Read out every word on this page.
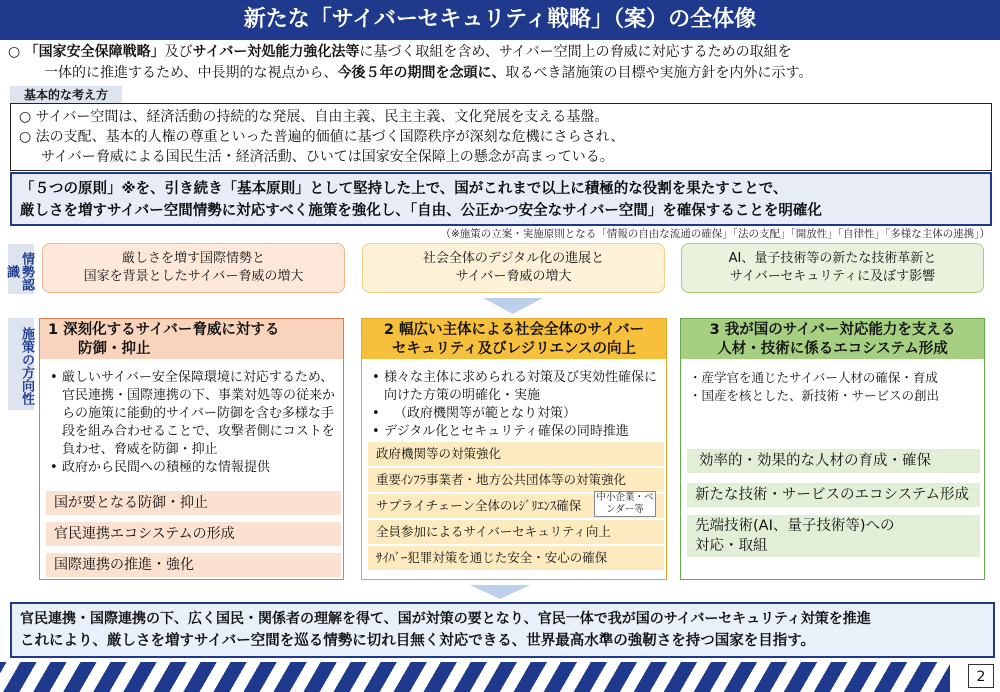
新たな「サイバーセキュリティ戦略」（案）の全体像
○ 「国家安全保障戦略」及びサイバー対処能力強化法等に基づく取組を含め、サイバー空間上の脅威に対応するための取組を
一体的に推進するため、中長期的な視点から、今後５年の期間を念頭に、取るべき諸施策の目標や実施方針を内外に示す。
基本的な考え方
○ サイバー空間は、経済活動の持続的な発展、自由主義、民主主義、文化発展を支える基盤。
○ 法の支配、基本的人権の尊重といった普遍的価値に基づく国際秩序が深刻な危機にさらされ、
サイバー脅威による国民生活・経済活動、ひいては国家安全保障上の懸念が高まっている。
「５つの原則」※を、引き続き「基本原則」として堅持した上で、国がこれまで以上に積極的な役割を果たすことで、
厳しさを増すサイバー空間情勢に対応すべく施策を強化し、「自由、公正かつ安全なサイバー空間」を確保することを明確化
（※施策の立案・実施原則となる「情報の自由な流通の確保」「法の支配」「開放性」「自律性」「多様な主体の連携」）
情勢認識
施策の方向性
厳しさを増す国際情勢と
国家を背景としたサイバー脅威の増大
社会全体のデジタル化の進展と
サイバー脅威の増大
AI、量子技術等の新たな技術革新と
サイバーセキュリティに及ぼす影響
1 深刻化するサイバー脅威に対する
防御・抑止
• 厳しいサイバー安全保障環境に対応するため、官民連携・国際連携の下、事業対処等の従来からの施策に能動的サイバー防御を含む多様な手段を組み合わせることで、攻撃者側にコストを負わせ、脅威を防御・抑止
• 政府から民間への積極的な情報提供
国が要となる防御・抑止
官民連携エコシステムの形成
国際連携の推進・強化
2 幅広い主体による社会全体のサイバー
セキュリティ及びレジリエンスの向上
• 様々な主体に求められる対策及び実効性確保に向けた方策の明確化・実施
• （政府機関等が範となり対策）
• デジタル化とセキュリティ確保の同時推進
政府機関等の対策強化
重要ｲﾝﾌﾗ事業者・地方公共団体等の対策強化
サプライチェーン全体のﾚｼﾞﾘｴﾝｽ確保
中小企業・ベンダー等
全員参加によるサイバーセキュリティ向上
ｻｲﾊﾞｰ犯罪対策を通じた安全・安心の確保
3 我が国のサイバー対応能力を支える
人材・技術に係るエコシステム形成
・産学官を通じたサイバー人材の確保・育成
・国産を核とした、新技術・サービスの創出
効率的・効果的な人材の育成・確保
新たな技術・サービスのエコシステム形成
先端技術(AI、量子技術等)への
対応・取組
官民連携・国際連携の下、広く国民・関係者の理解を得て、国が対策の要となり、官民一体で我が国のサイバーセキュリティ対策を推進
これにより、厳しさを増すサイバー空間を巡る情勢に切れ目無く対応できる、世界最高水準の強靭さを持つ国家を目指す。
2
